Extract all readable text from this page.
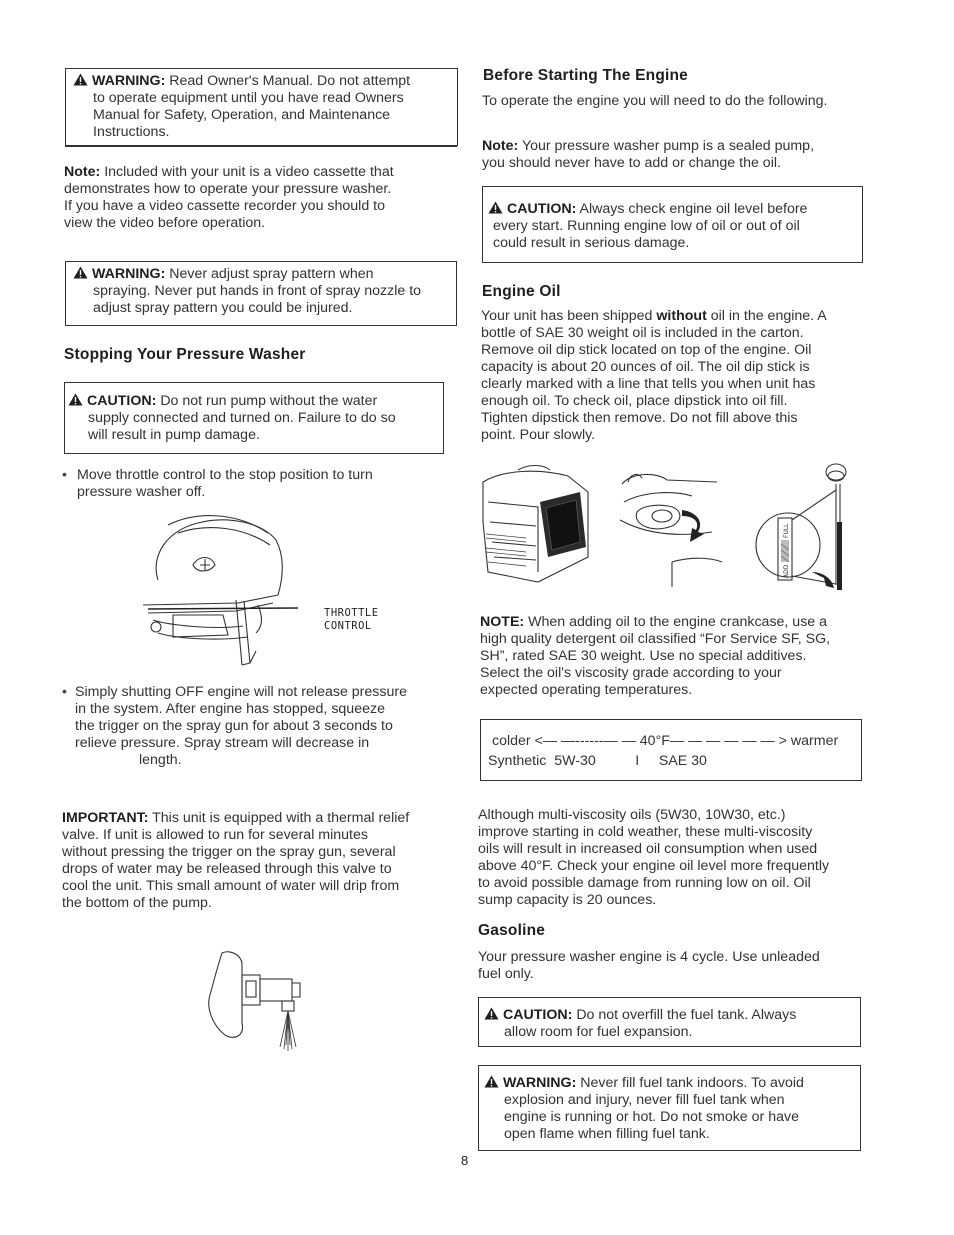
WARNING: Read Owner's Manual. Do not attempt
to operate equipment until you have read Owners
Manual for Safety, Operation, and Maintenance
Instructions.
Note: Included with your unit is a video cassette that
demonstrates how to operate your pressure washer.
If you have a video cassette recorder you should to
view the video before operation.
WARNING: Never adjust spray pattern when
spraying. Never put hands in front of spray nozzle to
adjust spray pattern you could be injured.
Stopping Your Pressure Washer
CAUTION: Do not run pump without the water
supply connected and turned on. Failure to do so
will result in pump damage.
• Move throttle control to the stop position to turn
pressure washer off.
THROTTLE
CONTROL
• Simply shutting OFF engine will not release pressure
in the system. After engine has stopped, squeeze
the trigger on the spray gun for about 3 seconds to
relieve pressure. Spray stream will decrease in
length.
IMPORTANT: This unit is equipped with a thermal relief
valve. If unit is allowed to run for several minutes
without pressing the trigger on the spray gun, several
drops of water may be released through this valve to
cool the unit. This small amount of water will drip from
the bottom of the pump.
Before Starting The Engine
To operate the engine you will need to do the following.
Note: Your pressure washer pump is a sealed pump,
you should never have to add or change the oil.
CAUTION: Always check engine oil level before
every start. Running engine low of oil or out of oil
could result in serious damage.
Engine Oil
Your unit has been shipped without oil in the engine. A
bottle of SAE 30 weight oil is included in the carton.
Remove oil dip stick located on top of the engine. Oil
capacity is about 20 ounces of oil. The oil dip stick is
clearly marked with a line that tells you when unit has
enough oil. To check oil, place dipstick into oil fill.
Tighten dipstick then remove. Do not fill above this
point. Pour slowly.
FULL
ADD
NOTE: When adding oil to the engine crankcase, use a
high quality detergent oil classified “For Service SF, SG,
SH”, rated SAE 30 weight. Use no special additives.
Select the oil's viscosity grade according to your
expected operating temperatures.
colder <— —------— — 40°F— — — — — — > warmer
Synthetic  5W-30          I     SAE 30
Although multi-viscosity oils (5W30, 10W30, etc.)
improve starting in cold weather, these multi-viscosity
oils will result in increased oil consumption when used
above 40°F. Check your engine oil level more frequently
to avoid possible damage from running low on oil. Oil
sump capacity is 20 ounces.
Gasoline
Your pressure washer engine is 4 cycle. Use unleaded
fuel only.
CAUTION: Do not overfill the fuel tank. Always
allow room for fuel expansion.
WARNING: Never fill fuel tank indoors. To avoid
explosion and injury, never fill fuel tank when
engine is running or hot. Do not smoke or have
open flame when filling fuel tank.
8
